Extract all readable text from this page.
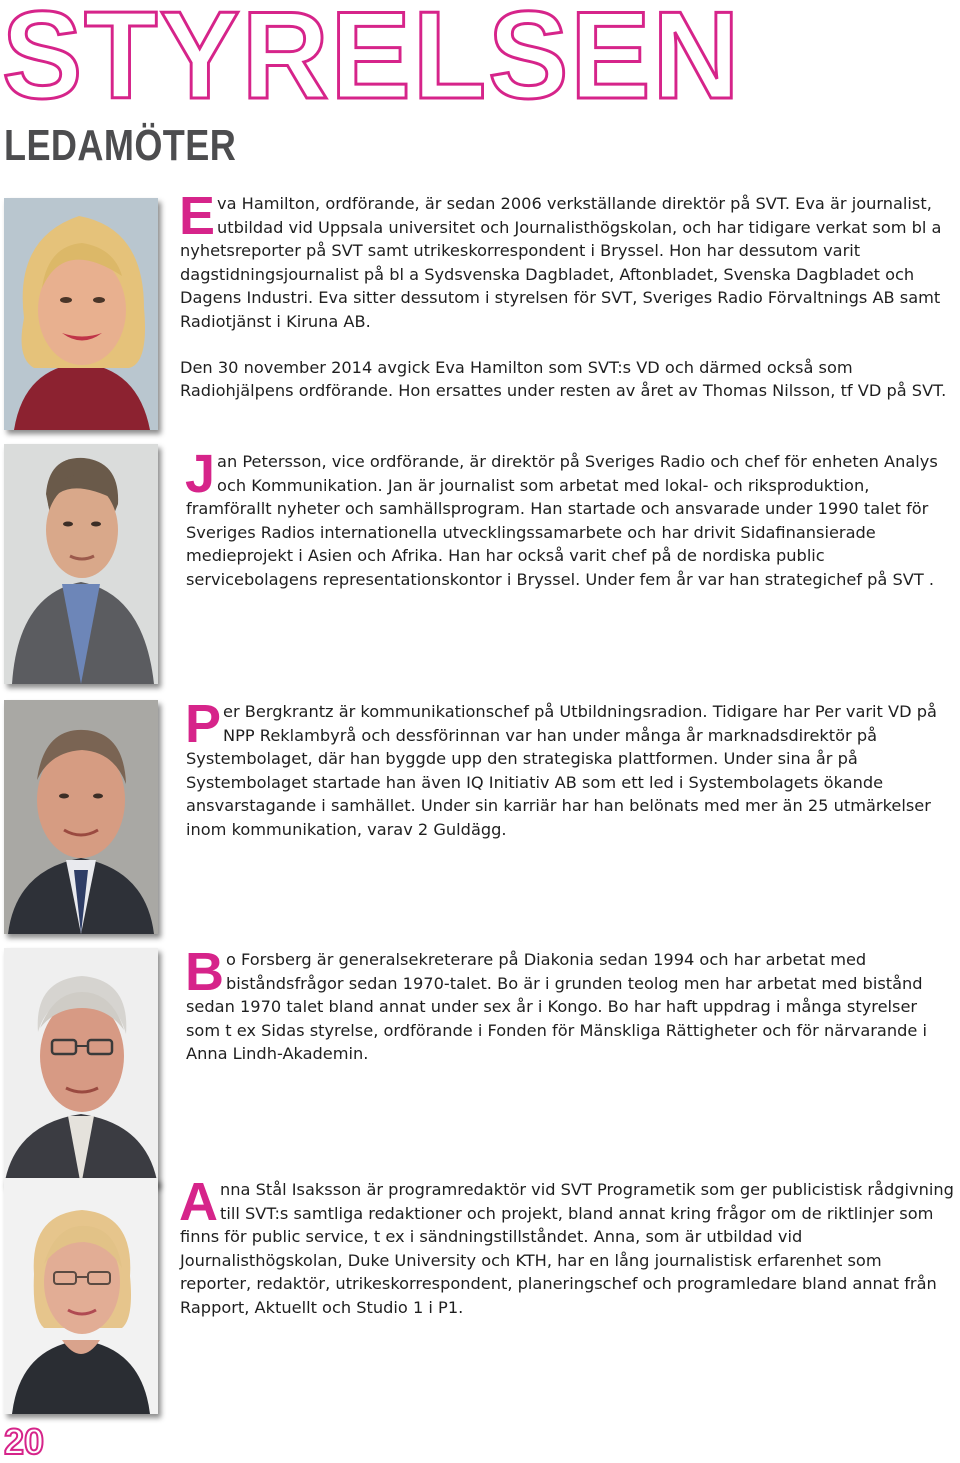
STYRELSEN
LEDAMÖTER
E va Hamilton, ordförande, är sedan 2006 verkställande direktör på SVT. Eva är journalist, utbildad vid Uppsala universitet och Journalisthögskolan, och har tidigare verkat som bl a nyhetsreporter på SVT samt utrikeskorrespondent i Bryssel. Hon har dessutom varit dagstidningsjournalist på bl a Sydsvenska Dagbladet, Aftonbladet, Svenska Dagbladet och Dagens Industri. Eva sitter dessutom i styrelsen för SVT, Sveriges Radio Förvaltnings AB samt Radiotjänst i Kiruna AB.

Den 30 november 2014 avgick Eva Hamilton som SVT:s VD och därmed också som Radiohjälpens ordförande. Hon ersattes under resten av året av Thomas Nilsson, tf VD på SVT.

J an Petersson, vice ordförande, är direktör på Sveriges Radio och chef för enheten Analys och Kommunikation. Jan är journalist som arbetat med lokal- och riksproduktion, framförallt nyheter och samhällsprogram. Han startade och ansvarade under 1990 talet för Sveriges Radios internationella utvecklingssamarbete och har drivit Sidafinansierade medieprojekt i Asien och Afrika. Han har också varit chef på de nordiska public servicebolagens representationskontor i Bryssel. Under fem år var han strategichef på SVT .

P er Bergkrantz är kommunikationschef på Utbildningsradion. Tidigare har Per varit VD på NPP Reklambyrå och dessförinnan var han under många år marknadsdirektör på Systembolaget, där han byggde upp den strategiska plattformen. Under sina år på Systembolaget startade han även IQ Initiativ AB som ett led i Systembolagets ökande ansvarstagande i samhället. Under sin karriär har han belönats med mer än 25 utmärkelser inom kommunikation, varav 2 Guldägg.

B o Forsberg är generalsekreterare på Diakonia sedan 1994 och har arbetat med biståndsfrågor sedan 1970-talet. Bo är i grunden teolog men har arbetat med bistånd sedan 1970 talet bland annat under sex år i Kongo. Bo har haft uppdrag i många styrelser som t ex Sidas styrelse, ordförande i Fonden för Mänskliga Rättigheter och för närvarande i Anna Lindh-Akademin.

A nna Stål Isaksson är programredaktör vid SVT Programetik som ger publicistisk rådgivning till SVT:s samtliga redaktioner och projekt, bland annat kring frågor om de riktlinjer som finns för public service, t ex i sändningstillståndet. Anna, som är utbildad vid Journalisthögskolan, Duke University och KTH, har en lång journalistisk erfarenhet som reporter, redaktör, utrikeskorrespondent, planeringschef och programledare bland annat från Rapport, Aktuellt och Studio 1 i P1.

20
